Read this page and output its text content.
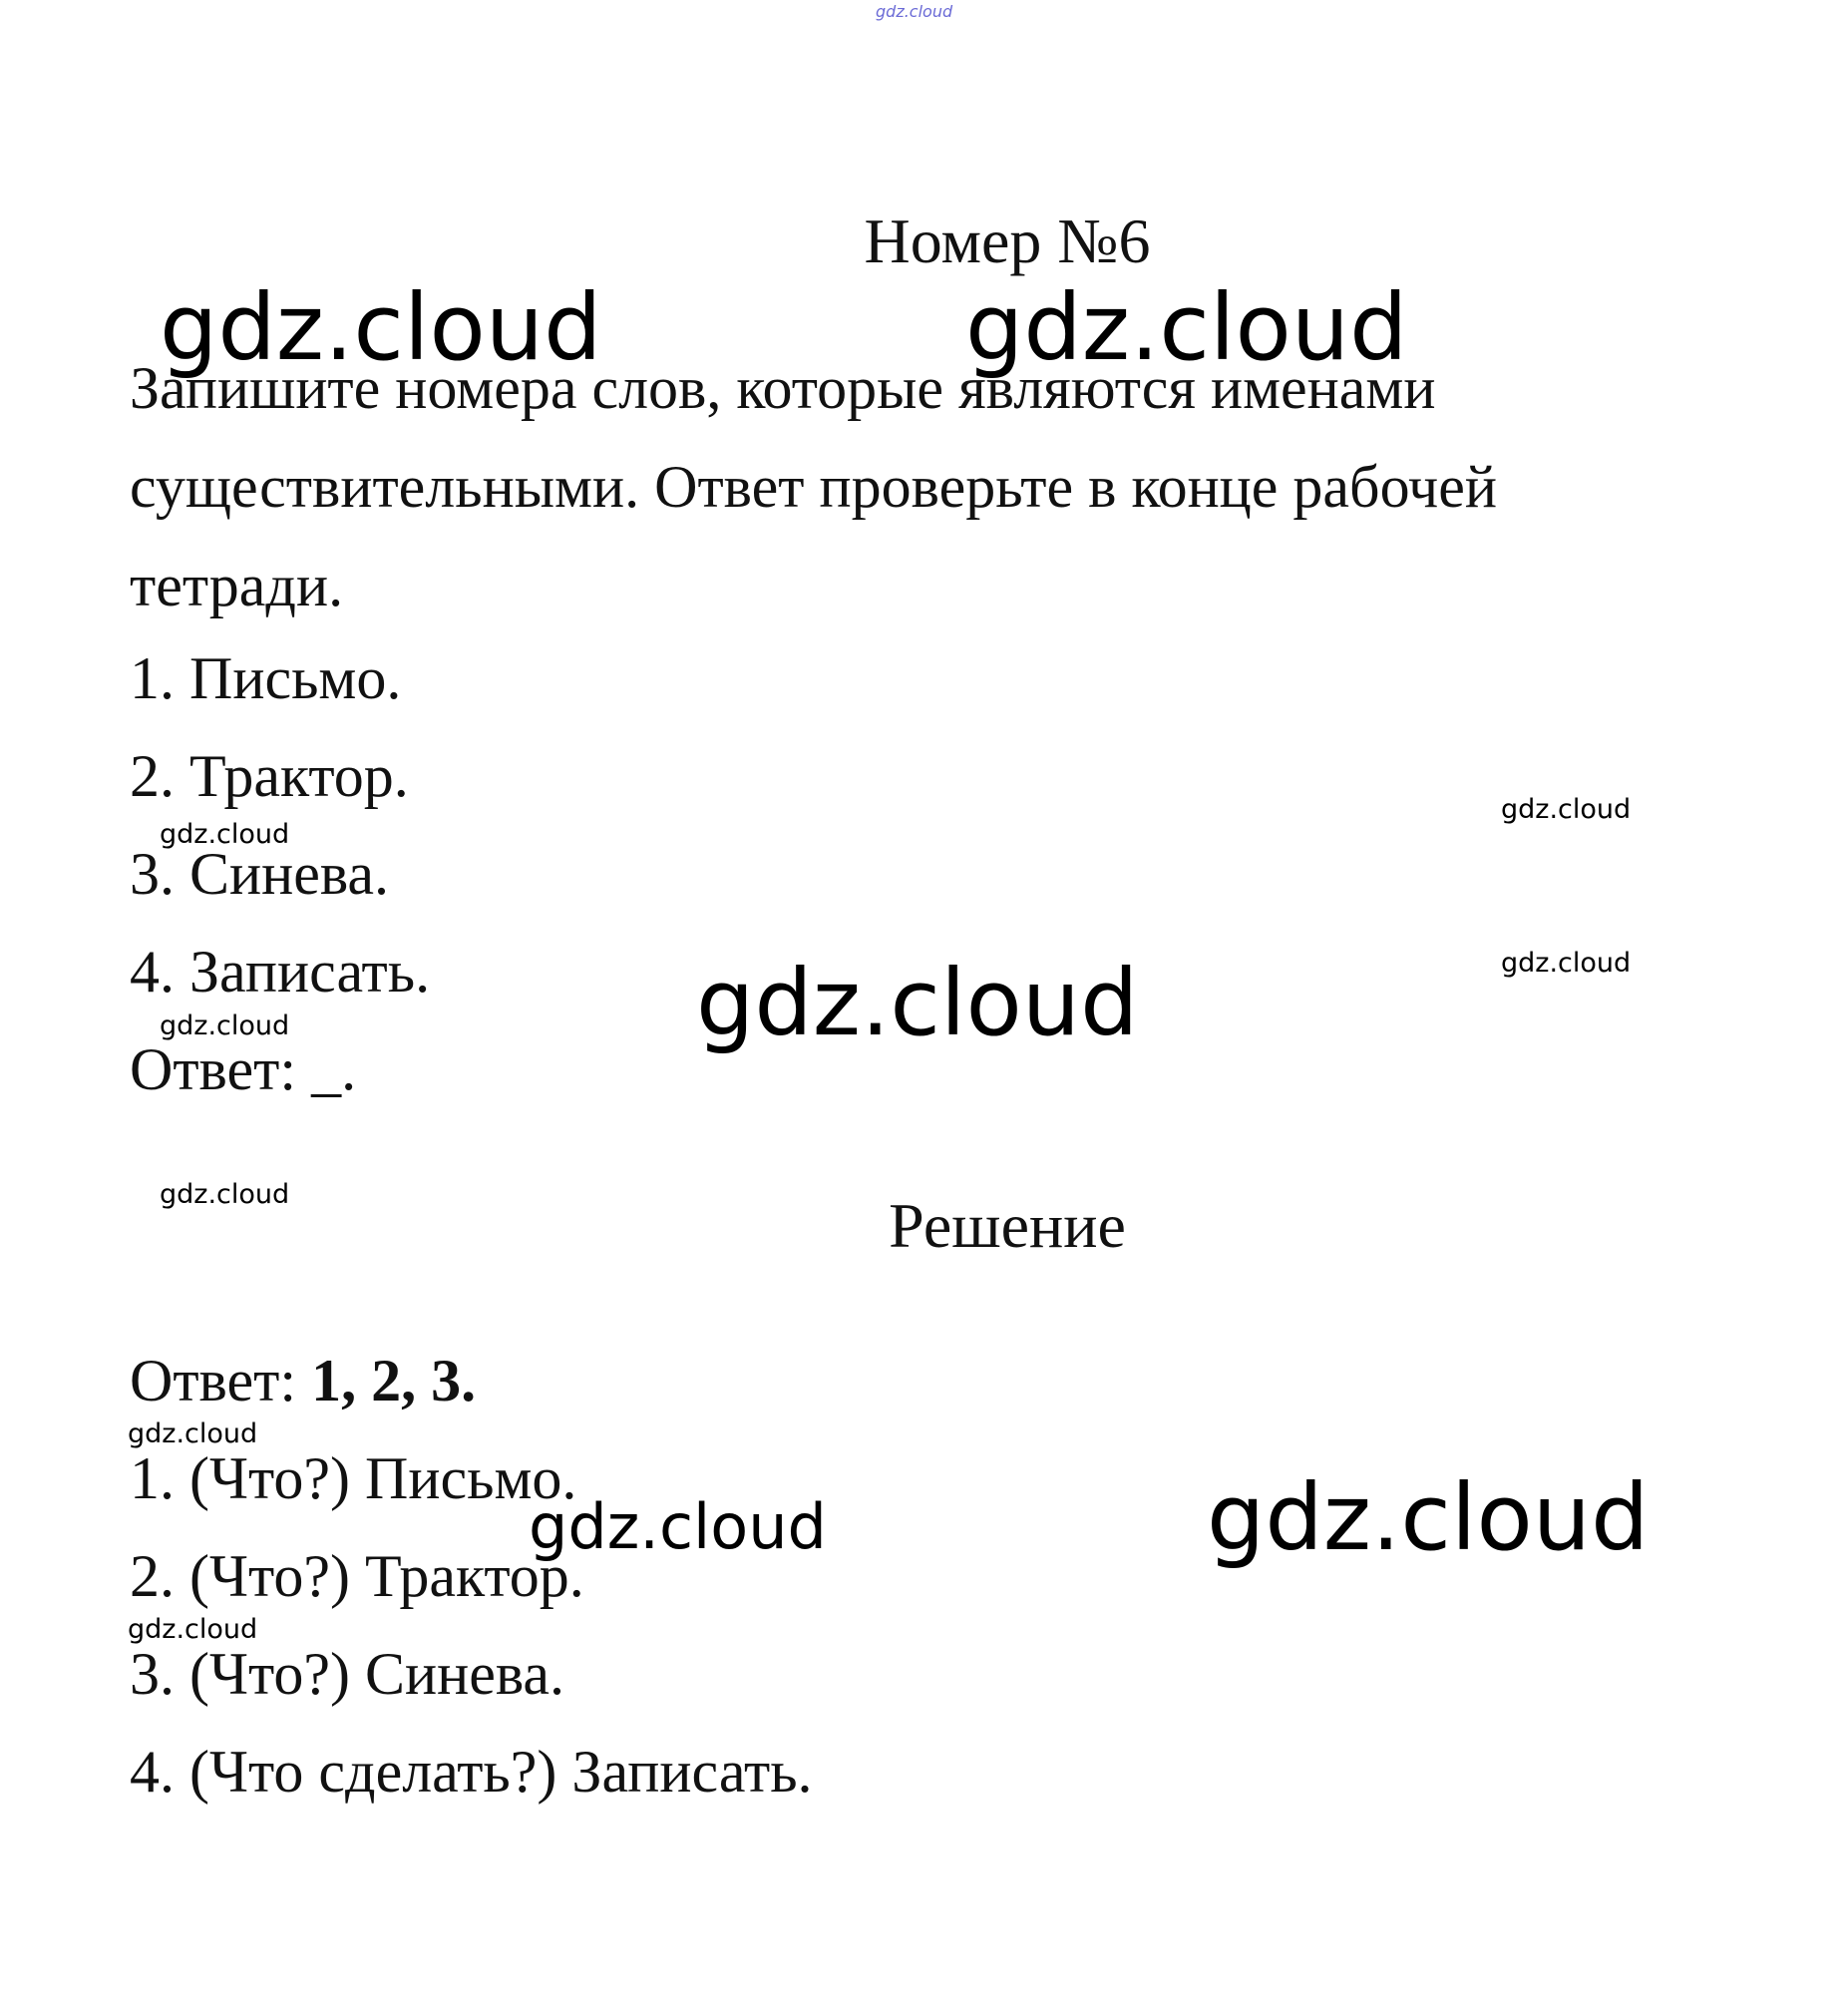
gdz.cloud
Номер №6
Запишите номера слов, которые являются именами существительными. Ответ проверьте в конце рабочей тетради.
1. Письмо.
2. Трактор.
3. Синева.
4. Записать.
Ответ: _.
Решение
Ответ: 1, 2, 3.
1. (Что?) Письмо.
2. (Что?) Трактор.
3. (Что?) Синева.
4. (Что сделать?) Записать.
gdz.cloud	gdz.cloud
gdz.cloud
gdz.cloud
gdz.cloud
gdz.cloud
gdz.cloud
gdz.cloud
gdz.cloud
gdz.cloud
gdz.cloud
gdz.cloud
